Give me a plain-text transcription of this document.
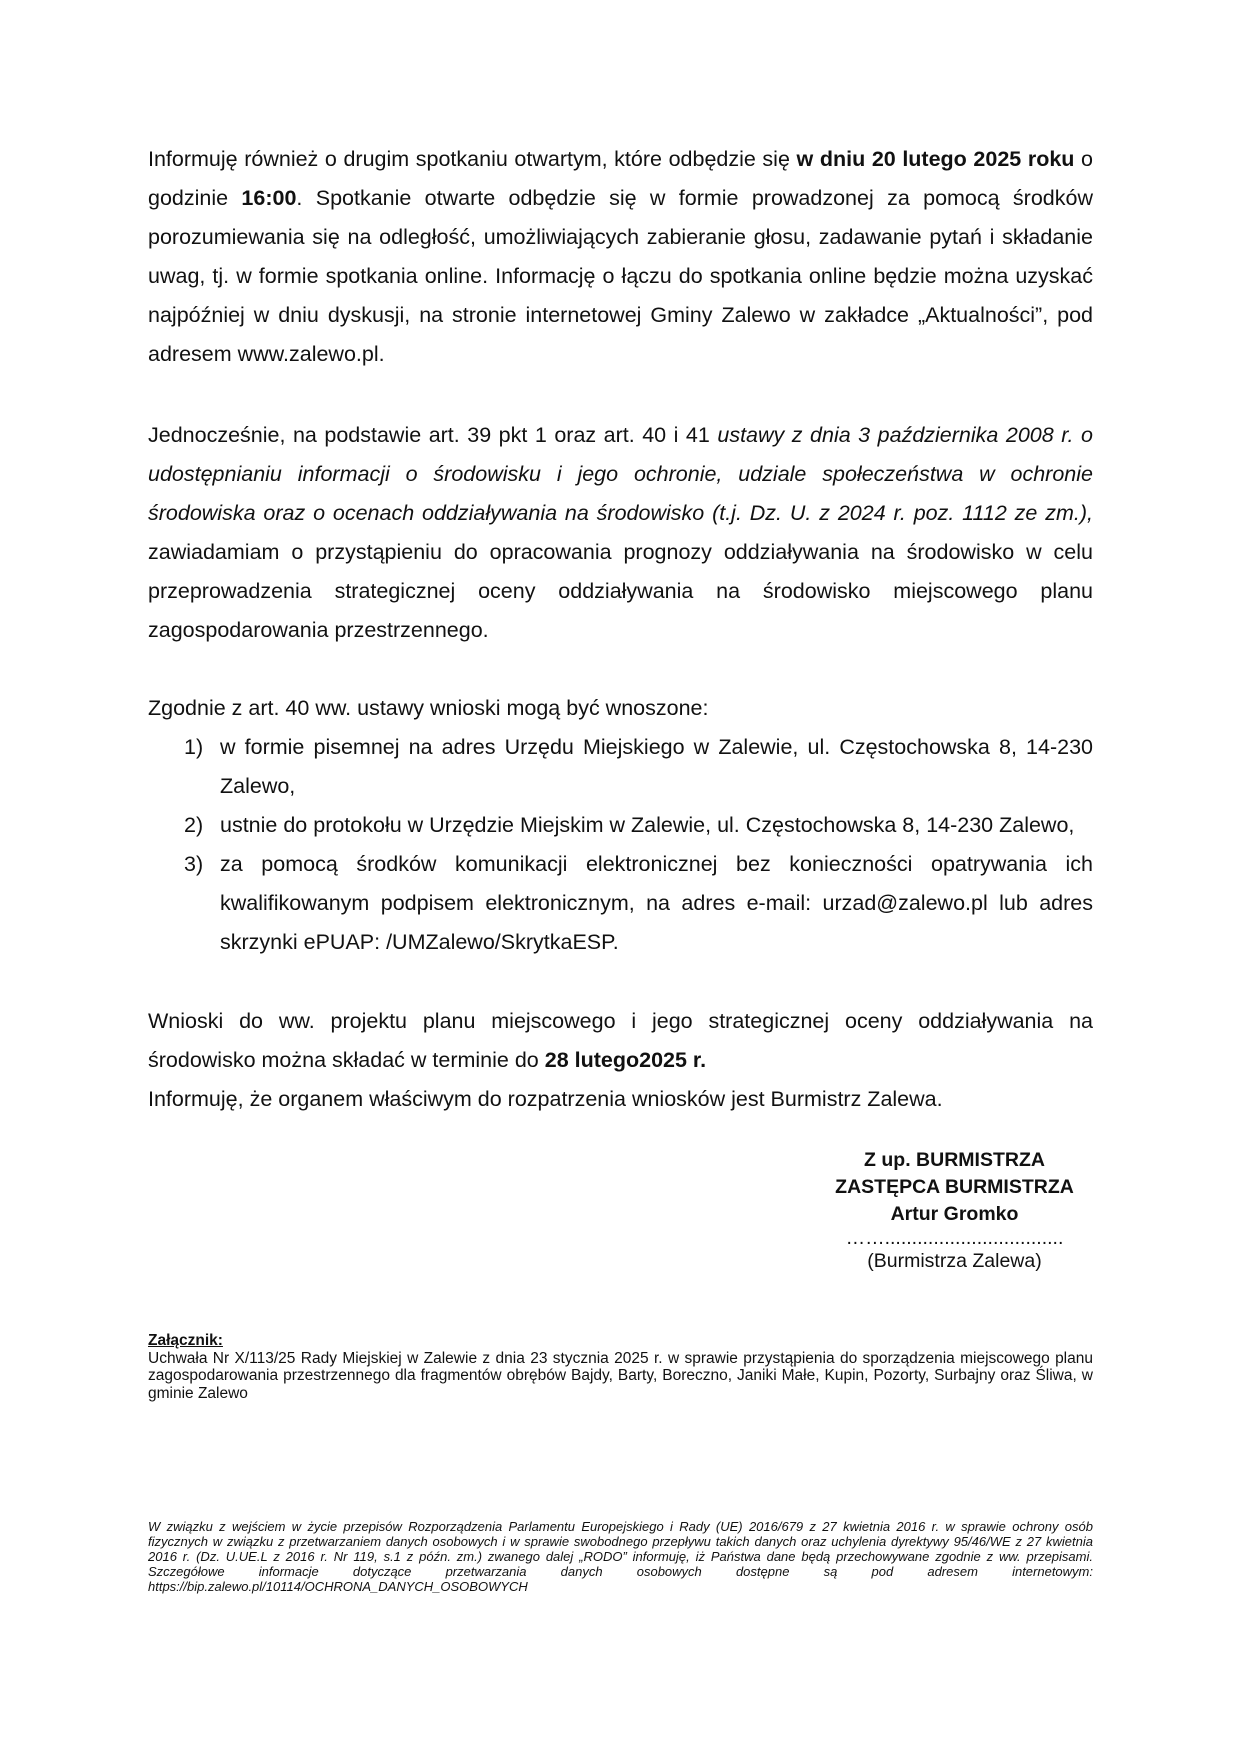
Informuję również o drugim spotkaniu otwartym, które odbędzie się w dniu 20 lutego 2025 roku o godzinie 16:00. Spotkanie otwarte odbędzie się w formie prowadzonej za pomocą środków porozumiewania się na odległość, umożliwiających zabieranie głosu, zadawanie pytań i składanie uwag, tj. w formie spotkania online. Informację o łączu do spotkania online będzie można uzyskać najpóźniej w dniu dyskusji, na stronie internetowej Gminy Zalewo w zakładce „Aktualności”, pod adresem www.zalewo.pl.

Jednocześnie, na podstawie art. 39 pkt 1 oraz art. 40 i 41 ustawy z dnia 3 października 2008 r. o udostępnianiu informacji o środowisku i jego ochronie, udziale społeczeństwa w ochronie środowiska oraz o ocenach oddziaływania na środowisko (t.j. Dz. U. z 2024 r. poz. 1112 ze zm.), zawiadamiam o przystąpieniu do opracowania prognozy oddziaływania na środowisko w celu przeprowadzenia strategicznej oceny oddziaływania na środowisko miejscowego planu zagospodarowania przestrzennego.

Zgodnie z art. 40 ww. ustawy wnioski mogą być wnoszone:

1) w formie pisemnej na adres Urzędu Miejskiego w Zalewie, ul. Częstochowska 8, 14-230 Zalewo,
2) ustnie do protokołu w Urzędzie Miejskim w Zalewie, ul. Częstochowska 8, 14-230 Zalewo,
3) za pomocą środków komunikacji elektronicznej bez konieczności opatrywania ich kwalifikowanym podpisem elektronicznym, na adres e-mail: urzad@zalewo.pl lub adres skrzynki ePUAP: /UMZalewo/SkrytkaESP.

Wnioski do ww. projektu planu miejscowego i jego strategicznej oceny oddziaływania na środowisko można składać w terminie do 28 lutego2025 r.

Informuję, że organem właściwym do rozpatrzenia wniosków jest Burmistrz Zalewa.

Z up. BURMISTRZA
ZASTĘPCA BURMISTRZA
Artur Gromko
…….................................
(Burmistrza Zalewa)
Załącznik:
Uchwała Nr X/113/25 Rady Miejskiej w Zalewie z dnia 23 stycznia 2025 r. w sprawie przystąpienia do sporządzenia miejscowego planu zagospodarowania przestrzennego dla fragmentów obrębów Bajdy, Barty, Boreczno, Janiki Małe, Kupin, Pozorty, Surbajny oraz Śliwa, w gminie Zalewo

W związku z wejściem w życie przepisów Rozporządzenia Parlamentu Europejskiego i Rady (UE) 2016/679 z 27 kwietnia 2016 r. w sprawie ochrony osób fizycznych w związku z przetwarzaniem danych osobowych i w sprawie swobodnego przepływu takich danych oraz uchylenia dyrektywy 95/46/WE z 27 kwietnia 2016 r. (Dz. U.UE.L z 2016 r. Nr 119, s.1 z późn. zm.) zwanego dalej „RODO” informuję, iż Państwa dane będą przechowywane zgodnie z ww. przepisami. Szczegółowe informacje dotyczące przetwarzania danych osobowych dostępne są pod adresem internetowym: https://bip.zalewo.pl/10114/OCHRONA_DANYCH_OSOBOWYCH
